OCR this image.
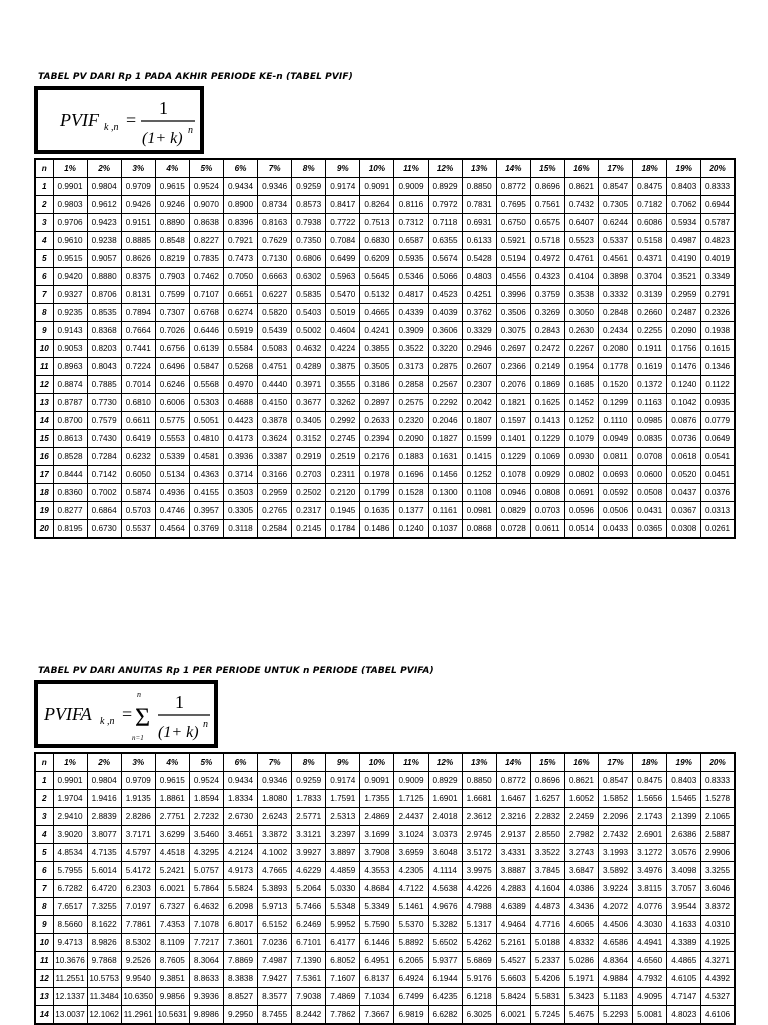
TABEL PV DARI Rp 1 PADA AKHIR PERIODE KE-n (TABEL PVIF)
PVIF k ,n =
1
(1+ k) n
n	1%	2%	3%	4%	5%	6%	7%	8%	9%	10%	11%	12%	13%	14%	15%	16%	17%	18%	19%	20%
1	0.9901	0.9804	0.9709	0.9615	0.9524	0.9434	0.9346	0.9259	0.9174	0.9091	0.9009	0.8929	0.8850	0.8772	0.8696	0.8621	0.8547	0.8475	0.8403	0.8333
2	0.9803	0.9612	0.9426	0.9246	0.9070	0.8900	0.8734	0.8573	0.8417	0.8264	0.8116	0.7972	0.7831	0.7695	0.7561	0.7432	0.7305	0.7182	0.7062	0.6944
3	0.9706	0.9423	0.9151	0.8890	0.8638	0.8396	0.8163	0.7938	0.7722	0.7513	0.7312	0.7118	0.6931	0.6750	0.6575	0.6407	0.6244	0.6086	0.5934	0.5787
4	0.9610	0.9238	0.8885	0.8548	0.8227	0.7921	0.7629	0.7350	0.7084	0.6830	0.6587	0.6355	0.6133	0.5921	0.5718	0.5523	0.5337	0.5158	0.4987	0.4823
5	0.9515	0.9057	0.8626	0.8219	0.7835	0.7473	0.7130	0.6806	0.6499	0.6209	0.5935	0.5674	0.5428	0.5194	0.4972	0.4761	0.4561	0.4371	0.4190	0.4019
6	0.9420	0.8880	0.8375	0.7903	0.7462	0.7050	0.6663	0.6302	0.5963	0.5645	0.5346	0.5066	0.4803	0.4556	0.4323	0.4104	0.3898	0.3704	0.3521	0.3349
7	0.9327	0.8706	0.8131	0.7599	0.7107	0.6651	0.6227	0.5835	0.5470	0.5132	0.4817	0.4523	0.4251	0.3996	0.3759	0.3538	0.3332	0.3139	0.2959	0.2791
8	0.9235	0.8535	0.7894	0.7307	0.6768	0.6274	0.5820	0.5403	0.5019	0.4665	0.4339	0.4039	0.3762	0.3506	0.3269	0.3050	0.2848	0.2660	0.2487	0.2326
9	0.9143	0.8368	0.7664	0.7026	0.6446	0.5919	0.5439	0.5002	0.4604	0.4241	0.3909	0.3606	0.3329	0.3075	0.2843	0.2630	0.2434	0.2255	0.2090	0.1938
10	0.9053	0.8203	0.7441	0.6756	0.6139	0.5584	0.5083	0.4632	0.4224	0.3855	0.3522	0.3220	0.2946	0.2697	0.2472	0.2267	0.2080	0.1911	0.1756	0.1615
11	0.8963	0.8043	0.7224	0.6496	0.5847	0.5268	0.4751	0.4289	0.3875	0.3505	0.3173	0.2875	0.2607	0.2366	0.2149	0.1954	0.1778	0.1619	0.1476	0.1346
12	0.8874	0.7885	0.7014	0.6246	0.5568	0.4970	0.4440	0.3971	0.3555	0.3186	0.2858	0.2567	0.2307	0.2076	0.1869	0.1685	0.1520	0.1372	0.1240	0.1122
13	0.8787	0.7730	0.6810	0.6006	0.5303	0.4688	0.4150	0.3677	0.3262	0.2897	0.2575	0.2292	0.2042	0.1821	0.1625	0.1452	0.1299	0.1163	0.1042	0.0935
14	0.8700	0.7579	0.6611	0.5775	0.5051	0.4423	0.3878	0.3405	0.2992	0.2633	0.2320	0.2046	0.1807	0.1597	0.1413	0.1252	0.1110	0.0985	0.0876	0.0779
15	0.8613	0.7430	0.6419	0.5553	0.4810	0.4173	0.3624	0.3152	0.2745	0.2394	0.2090	0.1827	0.1599	0.1401	0.1229	0.1079	0.0949	0.0835	0.0736	0.0649
16	0.8528	0.7284	0.6232	0.5339	0.4581	0.3936	0.3387	0.2919	0.2519	0.2176	0.1883	0.1631	0.1415	0.1229	0.1069	0.0930	0.0811	0.0708	0.0618	0.0541
17	0.8444	0.7142	0.6050	0.5134	0.4363	0.3714	0.3166	0.2703	0.2311	0.1978	0.1696	0.1456	0.1252	0.1078	0.0929	0.0802	0.0693	0.0600	0.0520	0.0451
18	0.8360	0.7002	0.5874	0.4936	0.4155	0.3503	0.2959	0.2502	0.2120	0.1799	0.1528	0.1300	0.1108	0.0946	0.0808	0.0691	0.0592	0.0508	0.0437	0.0376
19	0.8277	0.6864	0.5703	0.4746	0.3957	0.3305	0.2765	0.2317	0.1945	0.1635	0.1377	0.1161	0.0981	0.0829	0.0703	0.0596	0.0506	0.0431	0.0367	0.0313
20	0.8195	0.6730	0.5537	0.4564	0.3769	0.3118	0.2584	0.2145	0.1784	0.1486	0.1240	0.1037	0.0868	0.0728	0.0611	0.0514	0.0433	0.0365	0.0308	0.0261
TABEL PV DARI ANUITAS Rp 1 PER PERIODE UNTUK n PERIODE (TABEL PVIFA)
PVIFA k ,n =
n
Σ
n=1
1
(1+ k) n
n	1%	2%	3%	4%	5%	6%	7%	8%	9%	10%	11%	12%	13%	14%	15%	16%	17%	18%	19%	20%
1	0.9901	0.9804	0.9709	0.9615	0.9524	0.9434	0.9346	0.9259	0.9174	0.9091	0.9009	0.8929	0.8850	0.8772	0.8696	0.8621	0.8547	0.8475	0.8403	0.8333
2	1.9704	1.9416	1.9135	1.8861	1.8594	1.8334	1.8080	1.7833	1.7591	1.7355	1.7125	1.6901	1.6681	1.6467	1.6257	1.6052	1.5852	1.5656	1.5465	1.5278
3	2.9410	2.8839	2.8286	2.7751	2.7232	2.6730	2.6243	2.5771	2.5313	2.4869	2.4437	2.4018	2.3612	2.3216	2.2832	2.2459	2.2096	2.1743	2.1399	2.1065
4	3.9020	3.8077	3.7171	3.6299	3.5460	3.4651	3.3872	3.3121	3.2397	3.1699	3.1024	3.0373	2.9745	2.9137	2.8550	2.7982	2.7432	2.6901	2.6386	2.5887
5	4.8534	4.7135	4.5797	4.4518	4.3295	4.2124	4.1002	3.9927	3.8897	3.7908	3.6959	3.6048	3.5172	3.4331	3.3522	3.2743	3.1993	3.1272	3.0576	2.9906
6	5.7955	5.6014	5.4172	5.2421	5.0757	4.9173	4.7665	4.6229	4.4859	4.3553	4.2305	4.1114	3.9975	3.8887	3.7845	3.6847	3.5892	3.4976	3.4098	3.3255
7	6.7282	6.4720	6.2303	6.0021	5.7864	5.5824	5.3893	5.2064	5.0330	4.8684	4.7122	4.5638	4.4226	4.2883	4.1604	4.0386	3.9224	3.8115	3.7057	3.6046
8	7.6517	7.3255	7.0197	6.7327	6.4632	6.2098	5.9713	5.7466	5.5348	5.3349	5.1461	4.9676	4.7988	4.6389	4.4873	4.3436	4.2072	4.0776	3.9544	3.8372
9	8.5660	8.1622	7.7861	7.4353	7.1078	6.8017	6.5152	6.2469	5.9952	5.7590	5.5370	5.3282	5.1317	4.9464	4.7716	4.6065	4.4506	4.3030	4.1633	4.0310
10	9.4713	8.9826	8.5302	8.1109	7.7217	7.3601	7.0236	6.7101	6.4177	6.1446	5.8892	5.6502	5.4262	5.2161	5.0188	4.8332	4.6586	4.4941	4.3389	4.1925
11	10.3676	9.7868	9.2526	8.7605	8.3064	7.8869	7.4987	7.1390	6.8052	6.4951	6.2065	5.9377	5.6869	5.4527	5.2337	5.0286	4.8364	4.6560	4.4865	4.3271
12	11.2551	10.5753	9.9540	9.3851	8.8633	8.3838	7.9427	7.5361	7.1607	6.8137	6.4924	6.1944	5.9176	5.6603	5.4206	5.1971	4.9884	4.7932	4.6105	4.4392
13	12.1337	11.3484	10.6350	9.9856	9.3936	8.8527	8.3577	7.9038	7.4869	7.1034	6.7499	6.4235	6.1218	5.8424	5.5831	5.3423	5.1183	4.9095	4.7147	4.5327
14	13.0037	12.1062	11.2961	10.5631	9.8986	9.2950	8.7455	8.2442	7.7862	7.3667	6.9819	6.6282	6.3025	6.0021	5.7245	5.4675	5.2293	5.0081	4.8023	4.6106
